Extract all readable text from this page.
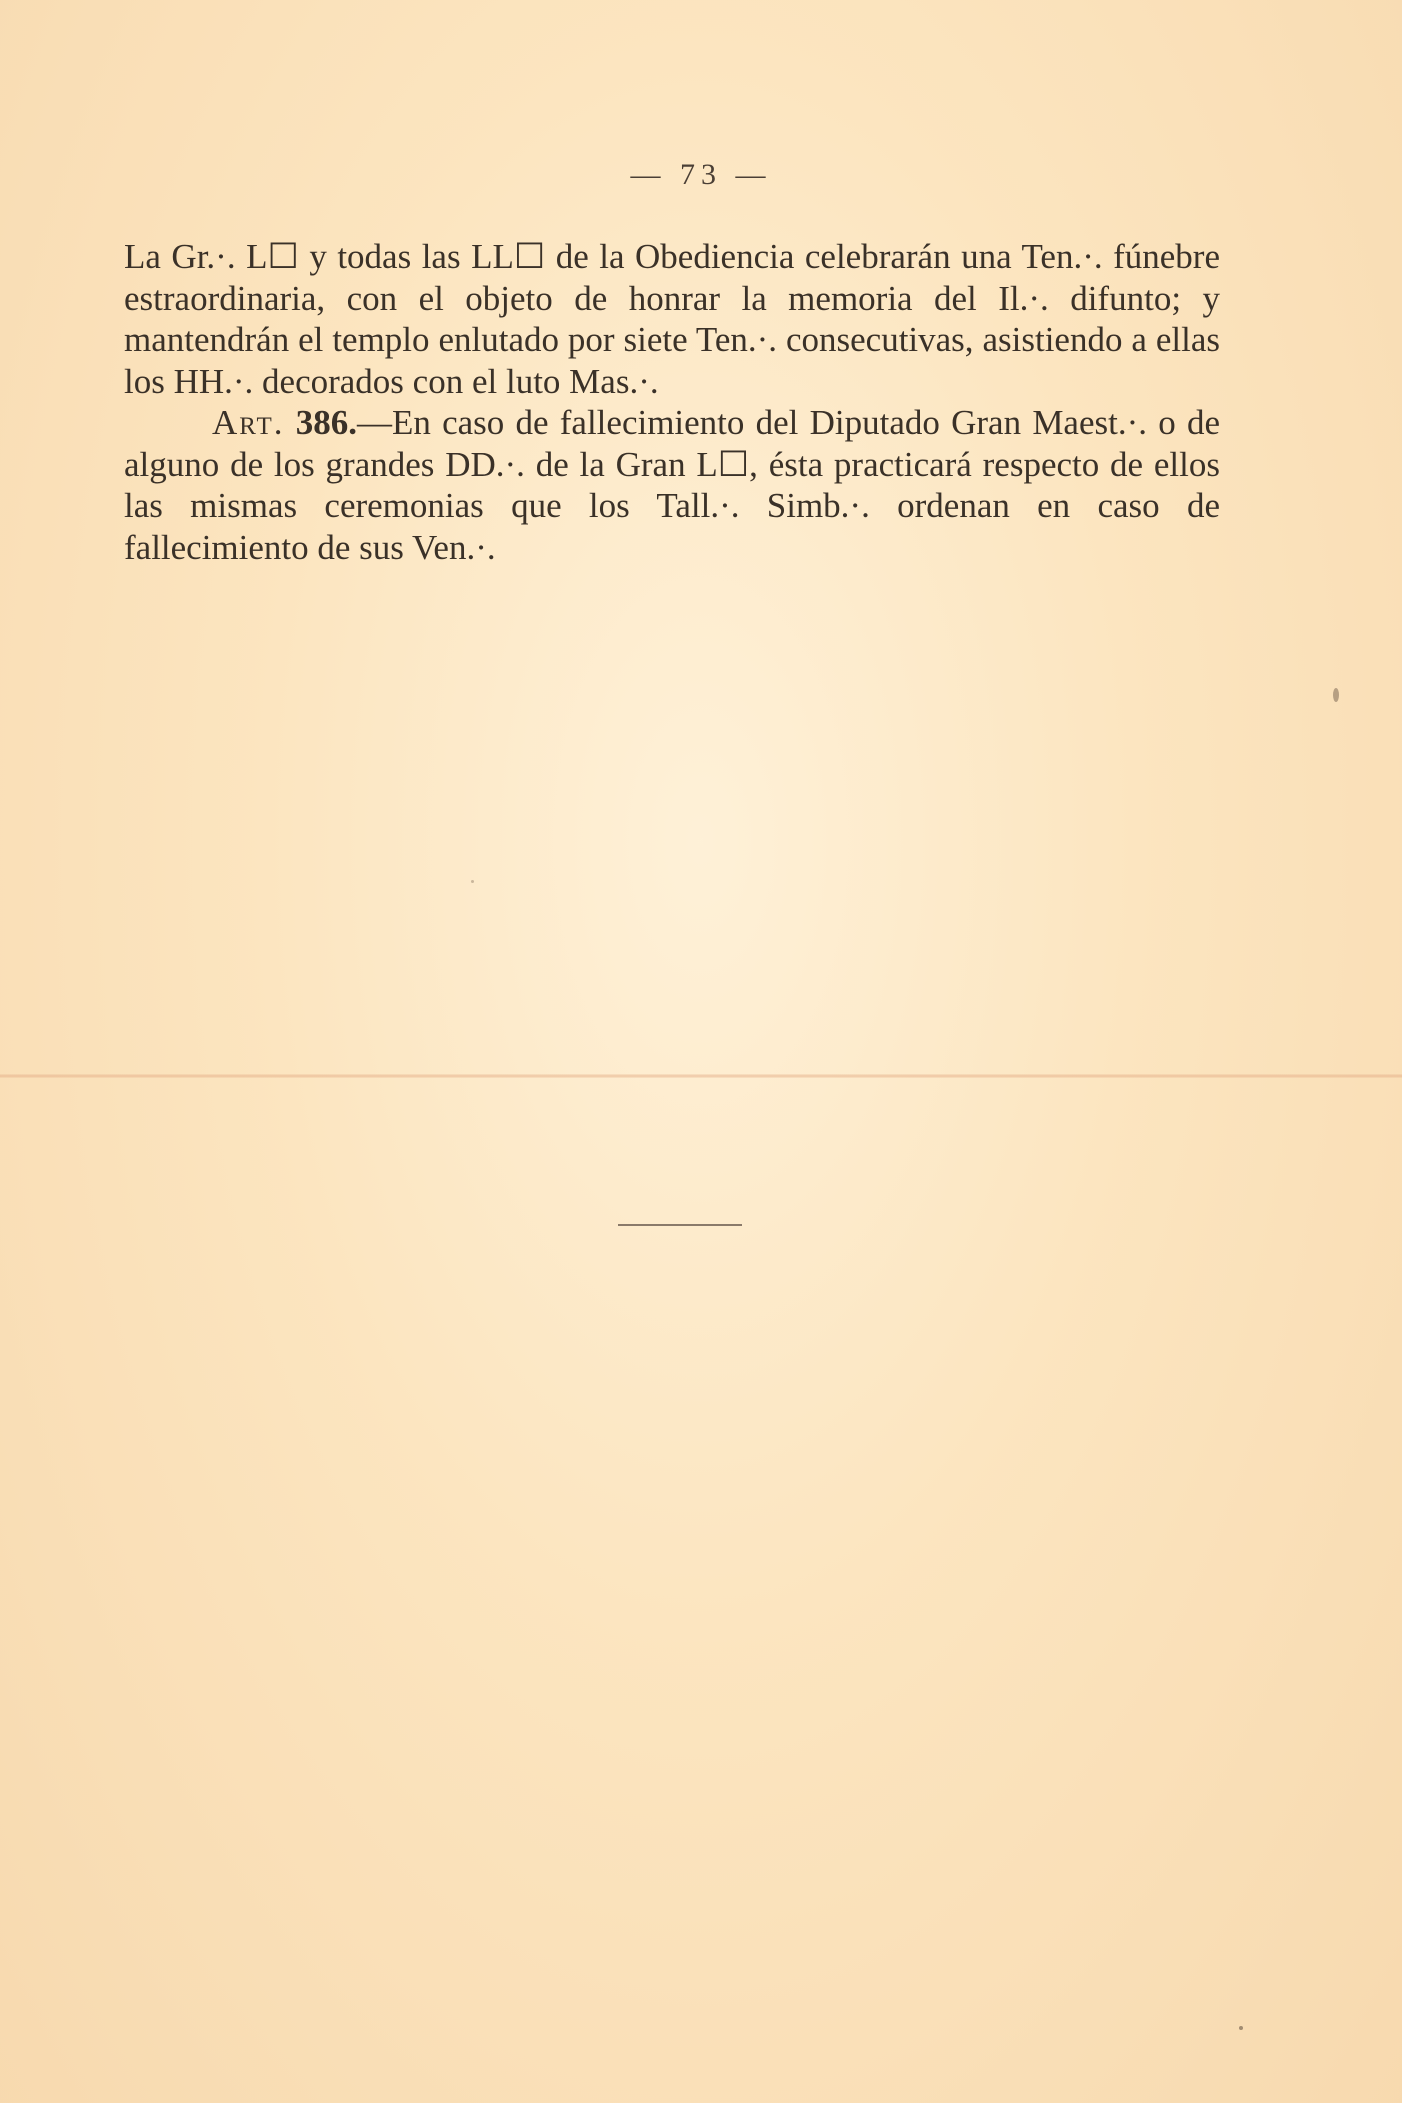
— 73 —

La Gr.·. L☐ y todas las LL☐ de la Obediencia celebrarán una Ten.·. fúnebre estraordinaria, con el objeto de honrar la memoria del Il.·. difunto; y mantendrán el templo enlutado por siete Ten.·. consecutivas, asistiendo a ellas los HH.·. decorados con el luto Mas.·.

Art. 386.—En caso de fallecimiento del Diputado Gran Maest.·. o de alguno de los grandes DD.·. de la Gran L☐, ésta practicará respecto de ellos las mismas ceremonias que los Tall.·. Simb.·. ordenan en caso de fallecimiento de sus Ven.·.
